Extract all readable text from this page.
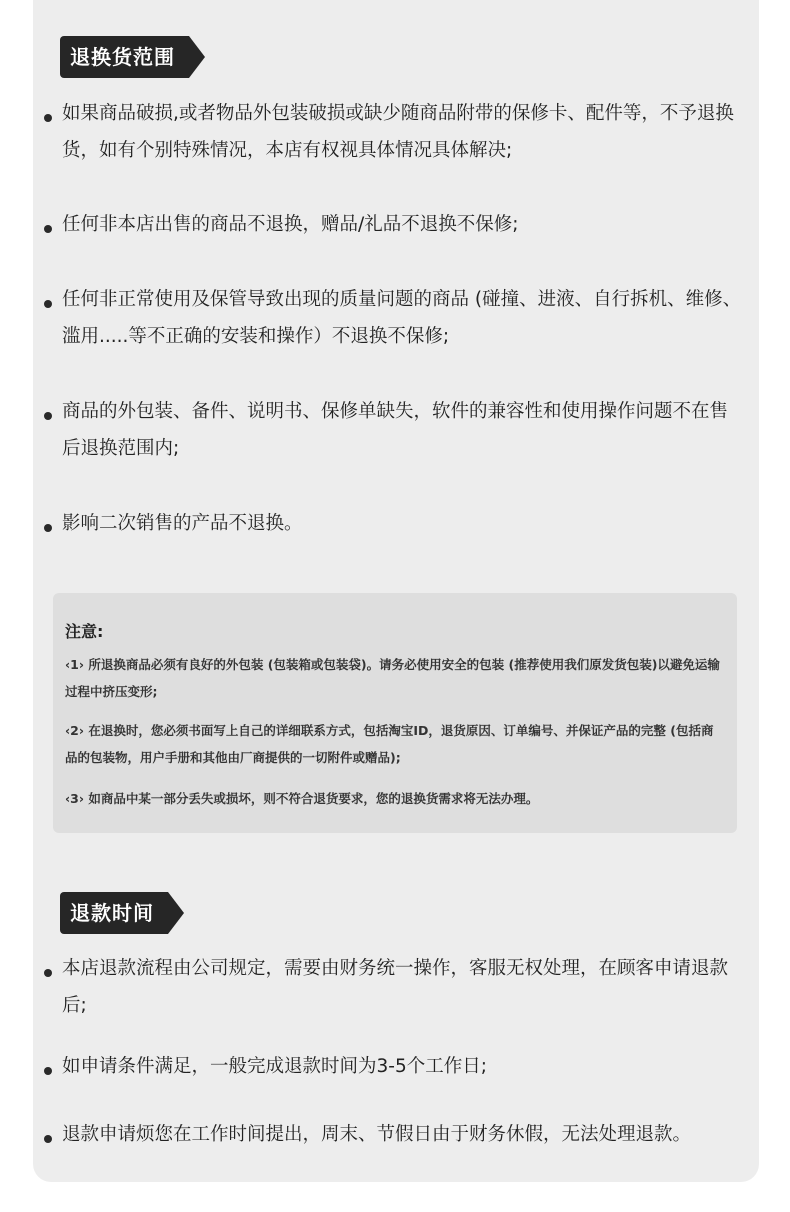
退换货范围
如果商品破损,或者物品外包装破损或缺少随商品附带的保修卡、配件等，不予退换货，如有个别特殊情况，本店有权视具体情况具体解决;
任何非本店出售的商品不退换，赠品/礼品不退换不保修;
任何非正常使用及保管导致出现的质量问题的商品 (碰撞、进液、自行拆机、维修、滥用.....等不正确的安装和操作）不退换不保修;
商品的外包装、备件、说明书、保修单缺失，软件的兼容性和使用操作问题不在售后退换范围内;
影响二次销售的产品不退换。
注意:
‹1› 所退换商品必须有良好的外包装 (包装箱或包装袋)。请务必使用安全的包装 (推荐使用我们原发货包装)以避免运输过程中挤压变形;
‹2› 在退换时，您必须书面写上自己的详细联系方式，包括淘宝ID，退货原因、订单编号、并保证产品的完整 (包括商品的包装物，用户手册和其他由厂商提供的一切附件或赠品);
‹3› 如商品中某一部分丢失或损坏，则不符合退货要求，您的退换货需求将无法办理。
退款时间
本店退款流程由公司规定，需要由财务统一操作，客服无权处理，在顾客申请退款后;
如申请条件满足，一般完成退款时间为3-5个工作日;
退款申请烦您在工作时间提出，周末、节假日由于财务休假，无法处理退款。
